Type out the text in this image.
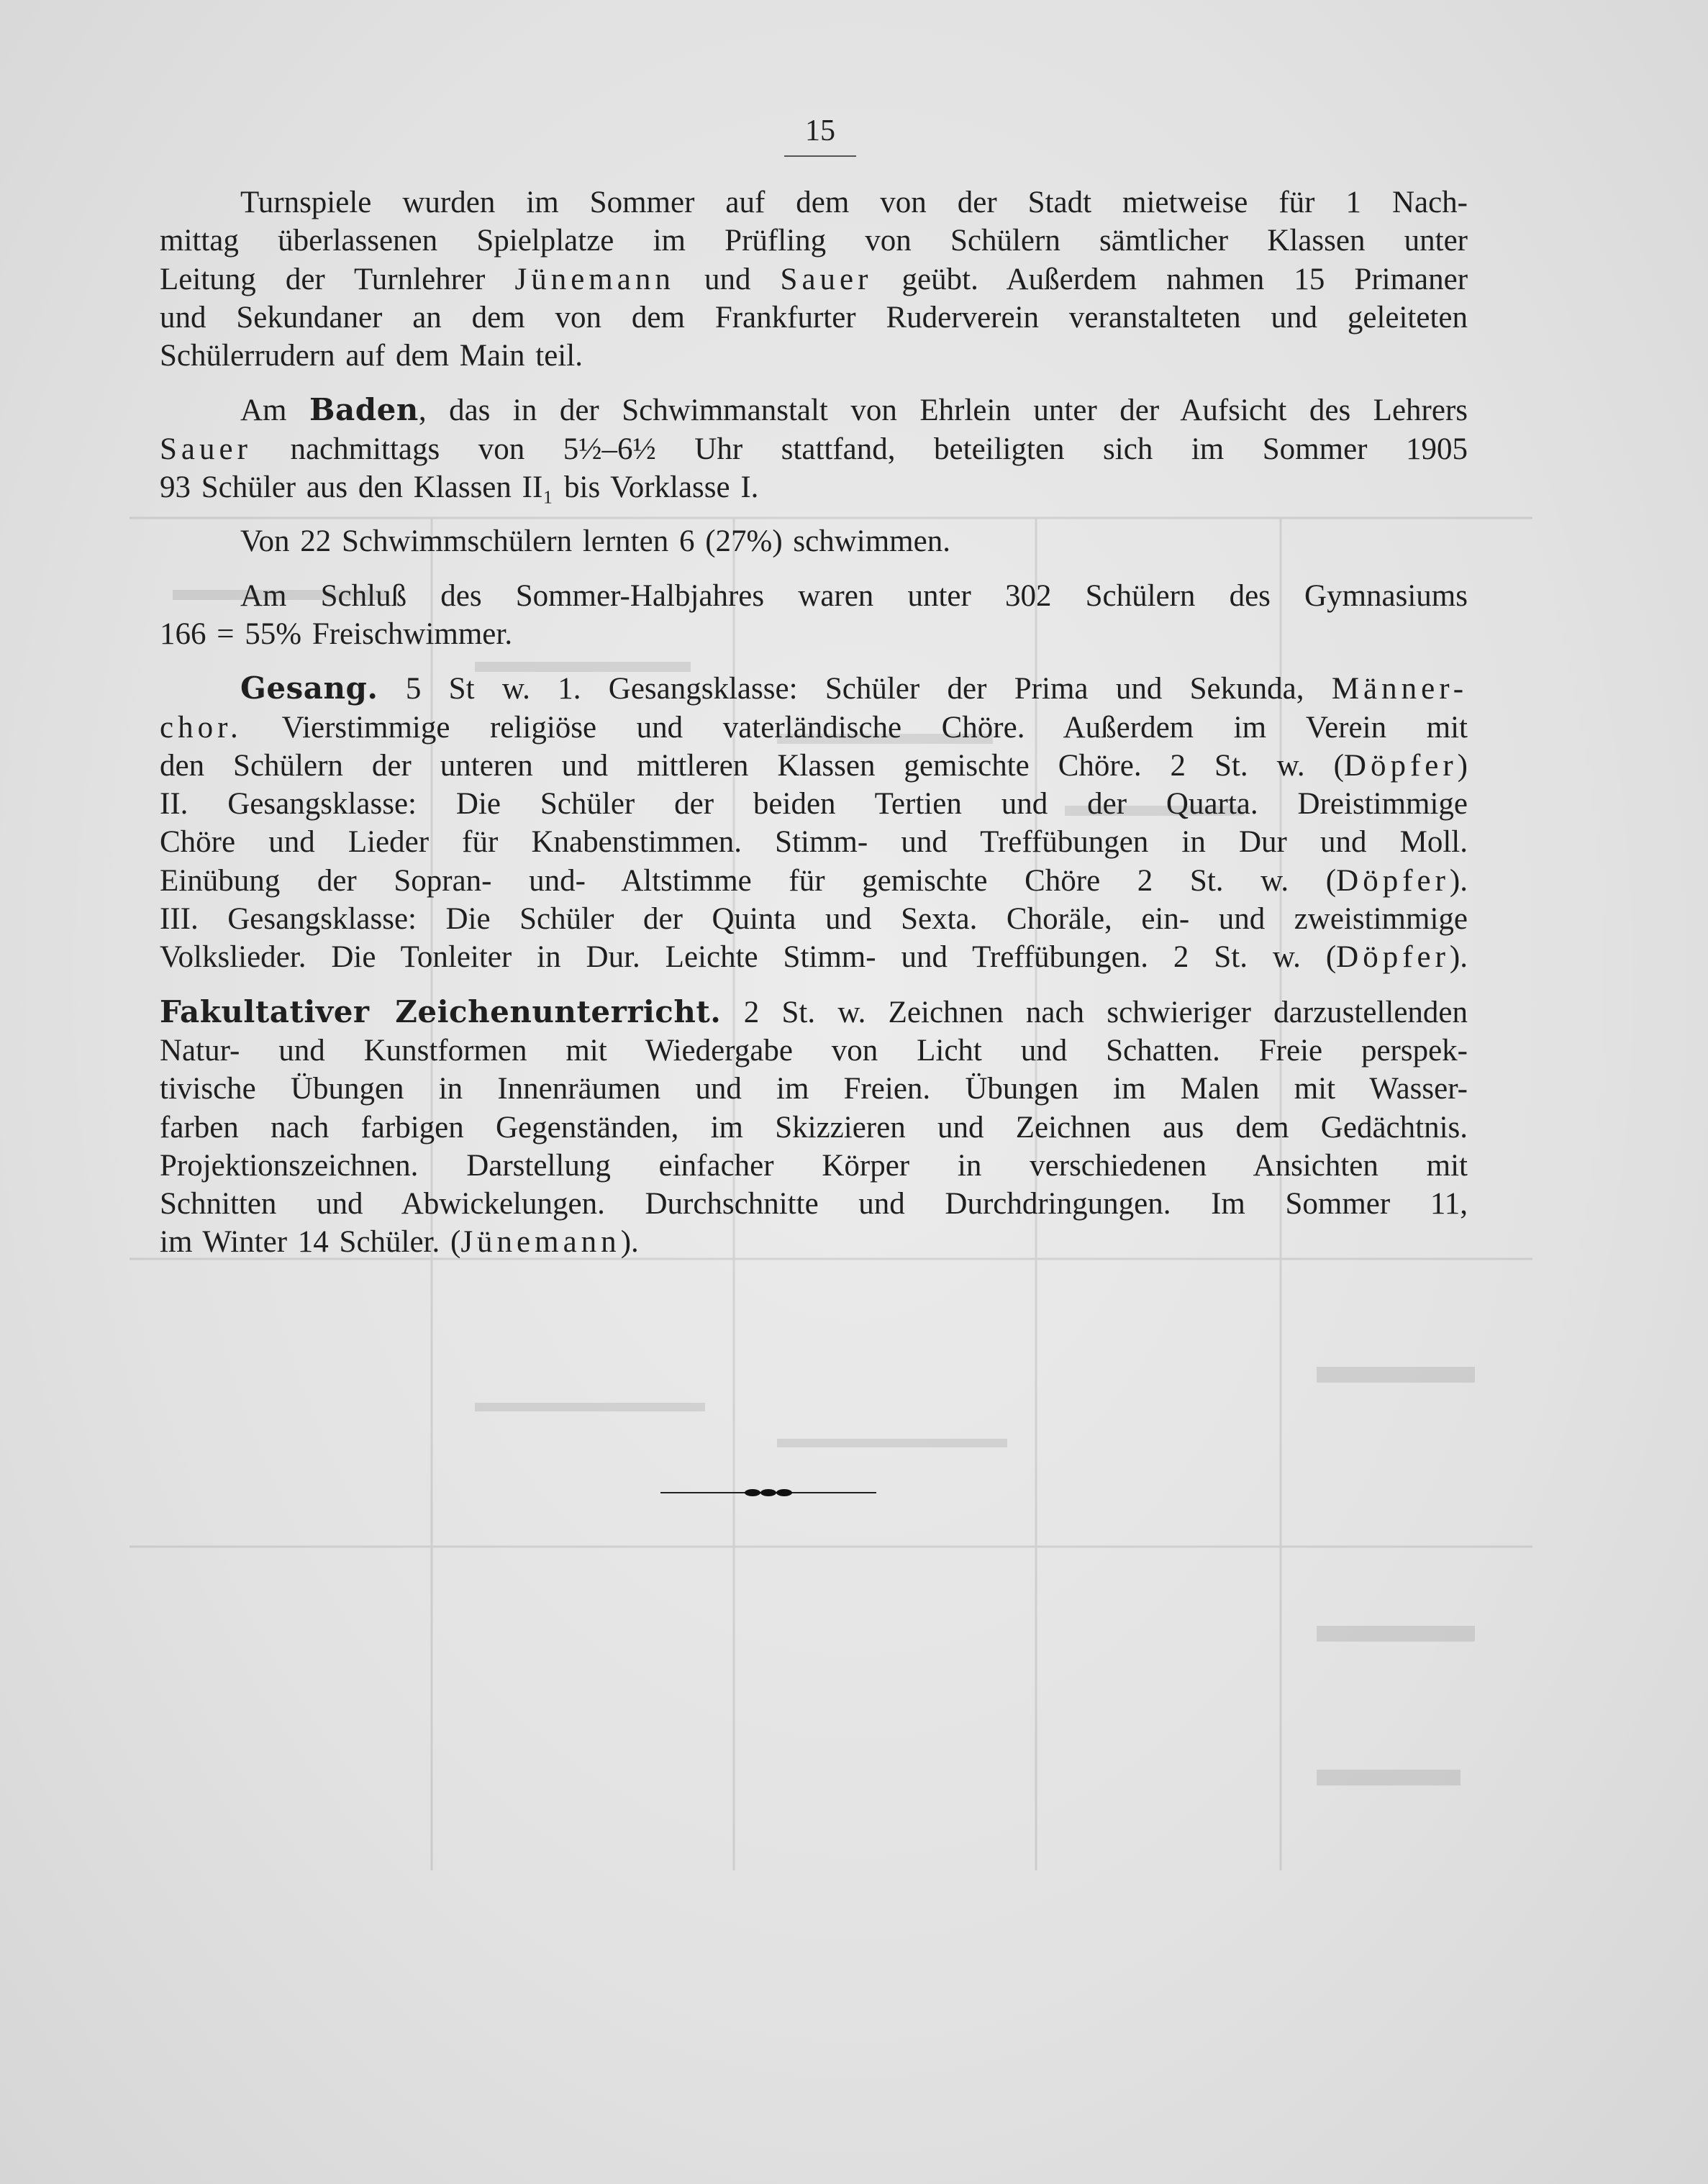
15
Turnspiele wurden im Sommer auf dem von der Stadt mietweise für 1 Nach-
mittag überlassenen Spielplatze im Prüfling von Schülern sämtlicher Klassen unter
Leitung der Turnlehrer Jünemann und Sauer geübt. Außerdem nahmen 15 Primaner
und Sekundaner an dem von dem Frankfurter Ruderverein veranstalteten und geleiteten
Schülerrudern auf dem Main teil.
Am Baden, das in der Schwimmanstalt von Ehrlein unter der Aufsicht des Lehrers
Sauer nachmittags von 5½–6½ Uhr stattfand, beteiligten sich im Sommer 1905
93 Schüler aus den Klassen II₁ bis Vorklasse I.
Von 22 Schwimmschülern lernten 6 (27%) schwimmen.
Am Schluß des Sommer-Halbjahres waren unter 302 Schülern des Gymnasiums
166 = 55% Freischwimmer.
Gesang. 5 St w. 1. Gesangsklasse: Schüler der Prima und Sekunda, Männer-
chor. Vierstimmige religiöse und vaterländische Chöre. Außerdem im Verein mit
den Schülern der unteren und mittleren Klassen gemischte Chöre. 2 St. w. (Döpfer)
II. Gesangsklasse: Die Schüler der beiden Tertien und der Quarta. Dreistimmige
Chöre und Lieder für Knabenstimmen. Stimm- und Treffübungen in Dur und Moll.
Einübung der Sopran- und- Altstimme für gemischte Chöre 2 St. w. (Döpfer).
III. Gesangsklasse: Die Schüler der Quinta und Sexta. Choräle, ein- und zweistimmige
Volkslieder. Die Tonleiter in Dur. Leichte Stimm- und Treffübungen. 2 St. w. (Döpfer).
Fakultativer Zeichenunterricht. 2 St. w. Zeichnen nach schwieriger darzustellenden
Natur- und Kunstformen mit Wiedergabe von Licht und Schatten. Freie perspek-
tivische Übungen in Innenräumen und im Freien. Übungen im Malen mit Wasser-
farben nach farbigen Gegenständen, im Skizzieren und Zeichnen aus dem Gedächtnis.
Projektionszeichnen. Darstellung einfacher Körper in verschiedenen Ansichten mit
Schnitten und Abwickelungen. Durchschnitte und Durchdringungen. Im Sommer 11,
im Winter 14 Schüler. (Jünemann).
